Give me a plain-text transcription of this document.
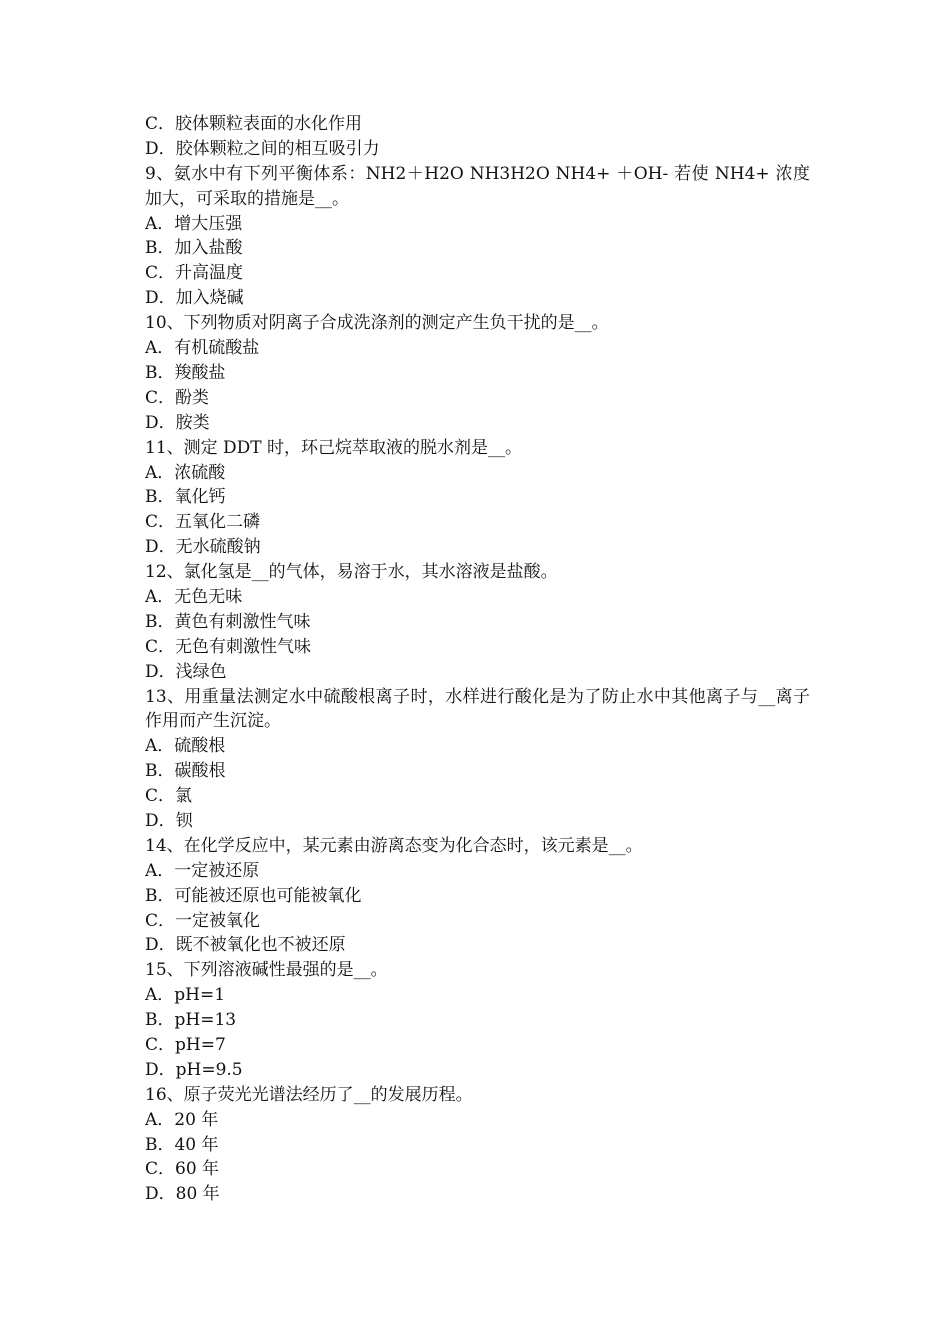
C．胶体颗粒表面的水化作用
D．胶体颗粒之间的相互吸引力
9、氨水中有下列平衡体系：NH2＋H2O NH3H2O NH4+ ＋OH- 若使 NH4+ 浓度加大，可采取的措施是__。
A．增大压强
B．加入盐酸
C．升高温度
D．加入烧碱
10、下列物质对阴离子合成洗涤剂的测定产生负干扰的是__。
A．有机硫酸盐
B．羧酸盐
C．酚类
D．胺类
11、测定 DDT 时，环己烷萃取液的脱水剂是__。
A．浓硫酸
B．氧化钙
C．五氧化二磷
D．无水硫酸钠
12、氯化氢是__的气体，易溶于水，其水溶液是盐酸。
A．无色无味
B．黄色有刺激性气味
C．无色有刺激性气味
D．浅绿色
13、用重量法测定水中硫酸根离子时，水样进行酸化是为了防止水中其他离子与__离子作用而产生沉淀。
A．硫酸根
B．碳酸根
C．氯
D．钡
14、在化学反应中，某元素由游离态变为化合态时，该元素是__。
A．一定被还原
B．可能被还原也可能被氧化
C．一定被氧化
D．既不被氧化也不被还原
15、下列溶液碱性最强的是__。
A．pH=1
B．pH=13
C．pH=7
D．pH=9.5
16、原子荧光光谱法经历了__的发展历程。
A．20 年
B．40 年
C．60 年
D．80 年
